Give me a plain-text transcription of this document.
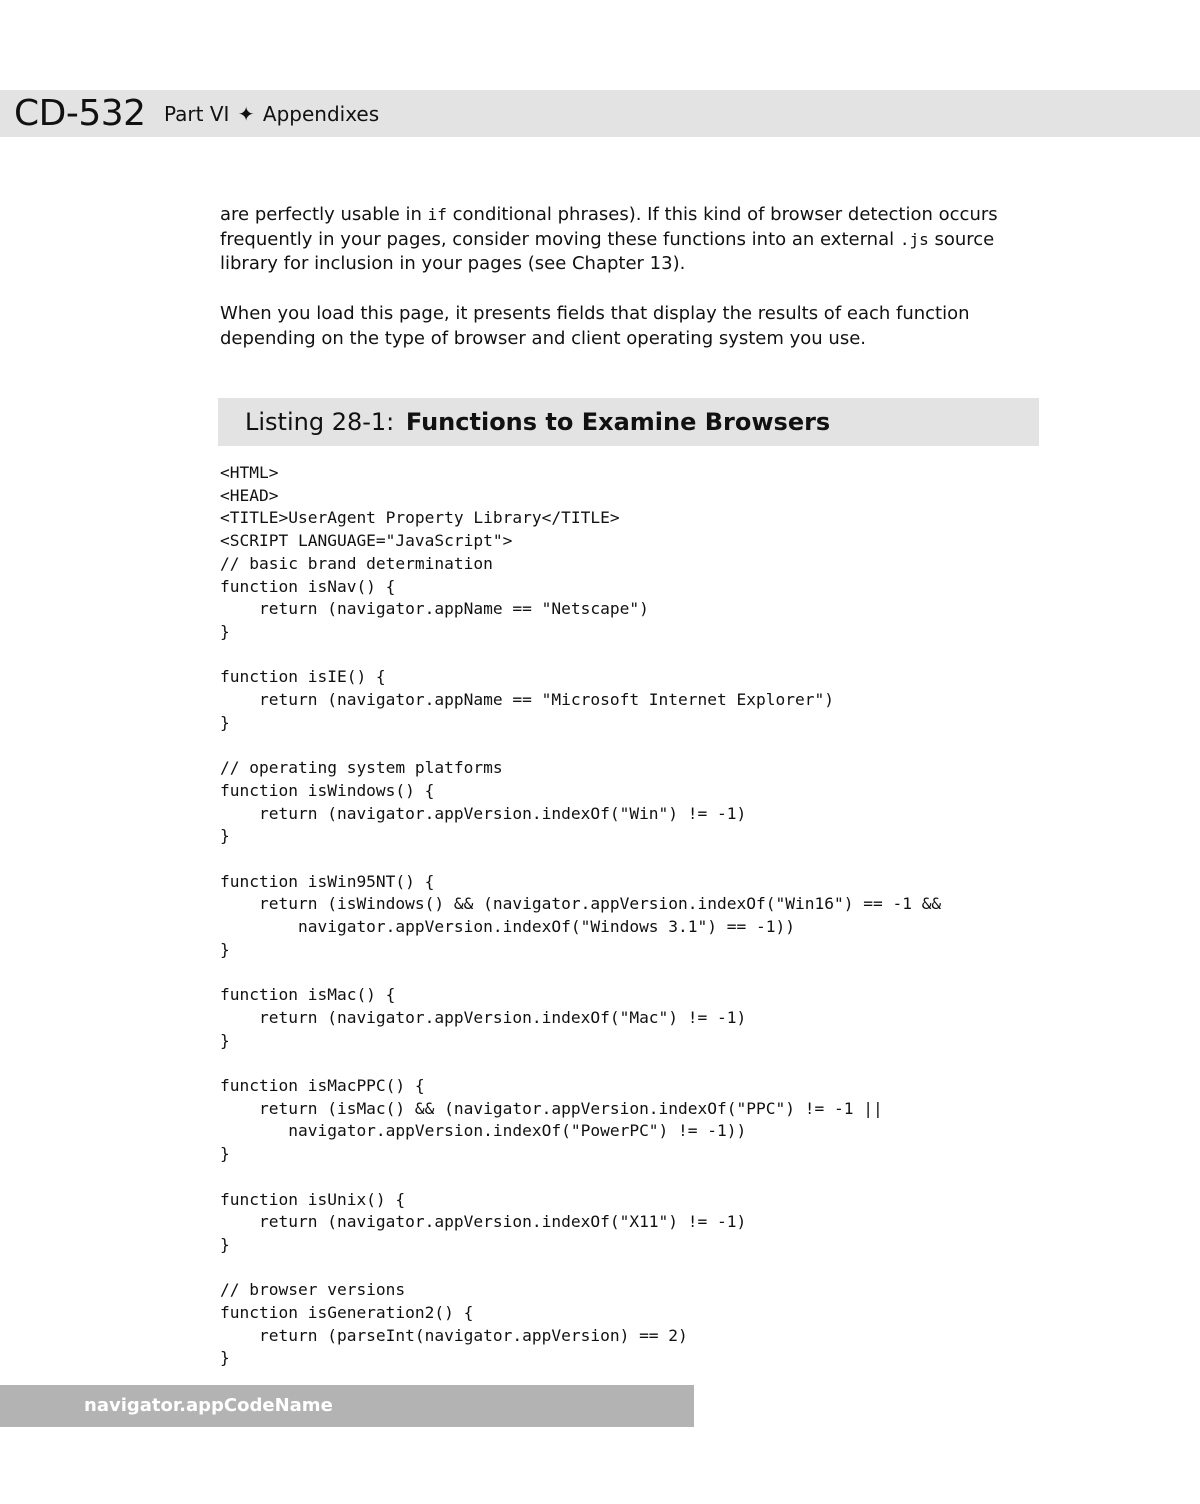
CD-532 Part VI ✦ Appendixes

are perfectly usable in if conditional phrases). If this kind of browser detection occurs frequently in your pages, consider moving these functions into an external .js source library for inclusion in your pages (see Chapter 13).

When you load this page, it presents fields that display the results of each function depending on the type of browser and client operating system you use.

Listing 28-1: Functions to Examine Browsers
<HTML>
<HEAD>
<TITLE>UserAgent Property Library</TITLE>
<SCRIPT LANGUAGE="JavaScript">
// basic brand determination
function isNav() {
return (navigator.appName == "Netscape")
}

function isIE() {
return (navigator.appName == "Microsoft Internet Explorer")
}

// operating system platforms
function isWindows() {
return (navigator.appVersion.indexOf("Win") != -1)
}

function isWin95NT() {
return (isWindows() && (navigator.appVersion.indexOf("Win16") == -1 &&
navigator.appVersion.indexOf("Windows 3.1") == -1))
}

function isMac() {
return (navigator.appVersion.indexOf("Mac") != -1)
}

function isMacPPC() {
return (isMac() && (navigator.appVersion.indexOf("PPC") != -1 ||
navigator.appVersion.indexOf("PowerPC") != -1))
}

function isUnix() {
return (navigator.appVersion.indexOf("X11") != -1)
}

// browser versions
function isGeneration2() {
return (parseInt(navigator.appVersion) == 2)
}
navigator.appCodeName
